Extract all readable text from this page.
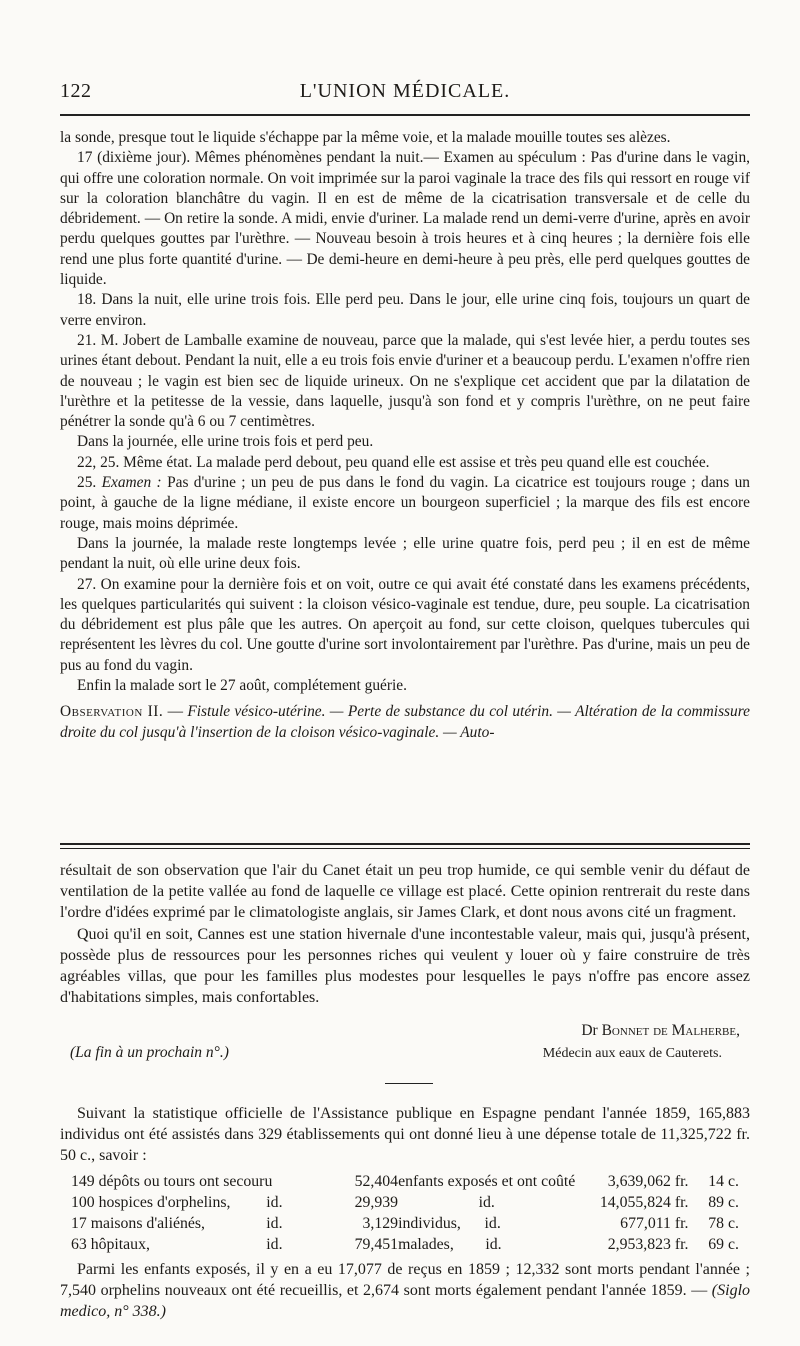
122	L'UNION MÉDICALE.

la sonde, presque tout le liquide s'échappe par la même voie, et la malade mouille toutes ses alèzes.

17 (dixième jour). Mêmes phénomènes pendant la nuit.— Examen au spéculum : Pas d'urine dans le vagin, qui offre une coloration normale. On voit imprimée sur la paroi vaginale la trace des fils qui ressort en rouge vif sur la coloration blanchâtre du vagin. Il en est de même de la cicatrisation transversale et de celle du débridement. — On retire la sonde. A midi, envie d'uriner. La malade rend un demi-verre d'urine, après en avoir perdu quelques gouttes par l'urèthre. — Nouveau besoin à trois heures et à cinq heures ; la dernière fois elle rend une plus forte quantité d'urine. — De demi-heure en demi-heure à peu près, elle perd quelques gouttes de liquide.

18. Dans la nuit, elle urine trois fois. Elle perd peu. Dans le jour, elle urine cinq fois, toujours un quart de verre environ.

21. M. Jobert de Lamballe examine de nouveau, parce que la malade, qui s'est levée hier, a perdu toutes ses urines étant debout. Pendant la nuit, elle a eu trois fois envie d'uriner et a beaucoup perdu. L'examen n'offre rien de nouveau ; le vagin est bien sec de liquide urineux. On ne s'explique cet accident que par la dilatation de l'urèthre et la petitesse de la vessie, dans laquelle, jusqu'à son fond et y compris l'urèthre, on ne peut faire pénétrer la sonde qu'à 6 ou 7 centimètres.

Dans la journée, elle urine trois fois et perd peu.

22, 25. Même état. La malade perd debout, peu quand elle est assise et très peu quand elle est couchée.

25. Examen : Pas d'urine ; un peu de pus dans le fond du vagin. La cicatrice est toujours rouge ; dans un point, à gauche de la ligne médiane, il existe encore un bourgeon superficiel ; la marque des fils est encore rouge, mais moins déprimée.

Dans la journée, la malade reste longtemps levée ; elle urine quatre fois, perd peu ; il en est de même pendant la nuit, où elle urine deux fois.

27. On examine pour la dernière fois et on voit, outre ce qui avait été constaté dans les examens précédents, les quelques particularités qui suivent : la cloison vésico-vaginale est tendue, dure, peu souple. La cicatrisation du débridement est plus pâle que les autres. On aperçoit au fond, sur cette cloison, quelques tubercules qui représentent les lèvres du col. Une goutte d'urine sort involontairement par l'urèthre. Pas d'urine, mais un peu de pus au fond du vagin.

Enfin la malade sort le 27 août, complétement guérie.

Observation II. — Fistule vésico-utérine. — Perte de substance du col utérin. — Altération de la commissure droite du col jusqu'à l'insertion de la cloison vésico-vaginale. — Auto-

résultait de son observation que l'air du Canet était un peu trop humide, ce qui semble venir du défaut de ventilation de la petite vallée au fond de laquelle ce village est placé. Cette opinion rentrerait du reste dans l'ordre d'idées exprimé par le climatologiste anglais, sir James Clark, et dont nous avons cité un fragment.

Quoi qu'il en soit, Cannes est une station hivernale d'une incontestable valeur, mais qui, jusqu'à présent, possède plus de ressources pour les personnes riches qui veulent y louer où y faire construire de très agréables villas, que pour les familles plus modestes pour lesquelles le pays n'offre pas encore assez d'habitations simples, mais confortables.

Dr Bonnet de Malherbe,
(La fin à un prochain n°.)	Médecin aux eaux de Cauterets.

Suivant la statistique officielle de l'Assistance publique en Espagne pendant l'année 1859, 165,883 individus ont été assistés dans 329 établissements qui ont donné lieu à une dépense totale de 11,325,722 fr. 50 c., savoir :

	149 dépôts ou tours ont secouru		52,404	enfants exposés et ont coûté	3,639,062 fr.	14 c.	
	100 hospices d'orphelins,	id.	29,939	id.	14,055,824 fr.	89 c.	
	17 maisons d'aliénés,	id.	3,129	individus,      id.	677,011 fr.	78 c.	
	63 hôpitaux,	id.	79,451	malades,        id.	2,953,823 fr.	69 c.	

Parmi les enfants exposés, il y en a eu 17,077 de reçus en 1859 ; 12,332 sont morts pendant l'année ; 7,540 orphelins nouveaux ont été recueillis, et 2,674 sont morts également pendant l'année 1859. — (Siglo medico, n° 338.)
